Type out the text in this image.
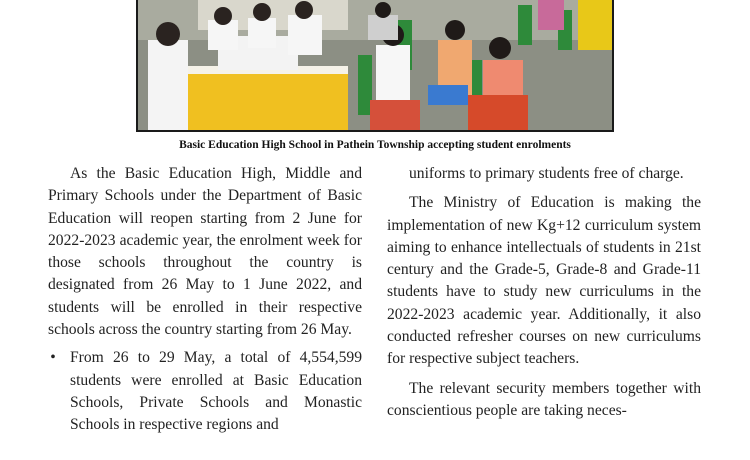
Basic Education High School in Pathein Township accepting student enrolments

As the Basic Education High, Middle and Primary Schools under the Department of Basic Education will reopen starting from 2 June for 2022-2023 academic year, the enrolment week for those schools throughout the country is designated from 26 May to 1 June 2022, and students will be enrolled in their respective schools across the country starting from 26 May.

• From 26 to 29 May, a total of 4,554,599 students were enrolled at Basic Education Schools, Private Schools and Monastic Schools in respective regions and

uniforms to primary students free of charge.

The Ministry of Education is making the implementation of new Kg+12 curriculum system aiming to enhance intellectuals of students in 21st century and the Grade-5, Grade-8 and Grade-11 students have to study new curriculums in the 2022-2023 academic year. Additionally, it also conducted refresher courses on new curriculums for respective subject teachers.

The relevant security members together with conscientious people are taking neces-
